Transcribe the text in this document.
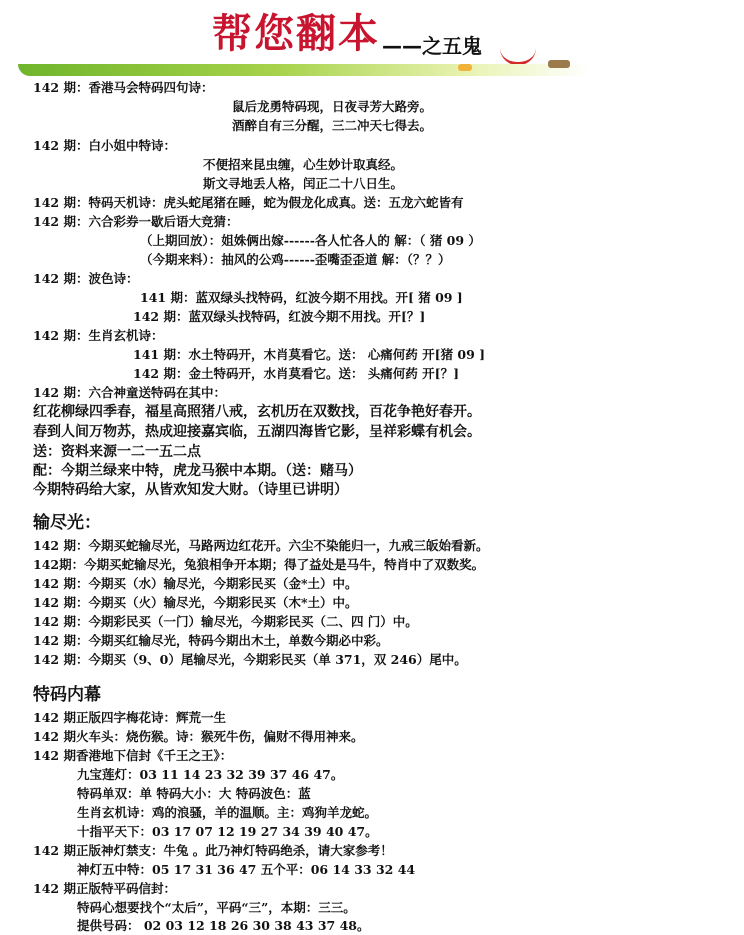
帮您翻本 ——之五鬼
142 期：香港马会特码四句诗：
鼠后龙勇特码现，日夜寻芳大路旁。
酒醉自有三分醒，三二冲天七得去。
142 期：白小姐中特诗：
不便招来昆虫缠，心生妙计取真经。
斯文寻地丢人格，闰正二十八日生。
142 期：特码天机诗：虎头蛇尾猪在睡，蛇为假龙化成真。送：五龙六蛇皆有
142 期：六合彩券一歇后语大竞猜：
（上期回放）：姐姝俩出嫁------各人忙各人的 解：（ 猪 09 ）
（今期来料）：抽风的公鸡------歪嘴歪歪道 解：（？？）
142 期：波色诗：
141 期：蓝双绿头找特码，红波今期不用找。开[ 猪 09 ]
142 期：蓝双绿头找特码，红波今期不用找。开[？]
142 期：生肖玄机诗：
141 期：水土特码开，木肖莫看它。送： 心痛何药 开[猪 09 ]
142 期：金土特码开，水肖莫看它。送： 头痛何药 开[？]
142 期：六合神童送特码在其中：
红花柳绿四季春，福星高照猪八戒，玄机历在双数找，百花争艳好春开。
春到人间万物苏，热成迎接嘉宾临，五湖四海皆它影，呈祥彩蝶有机会。
送：资料来源一二一五二点
配：今期兰绿来中特，虎龙马猴中本期。（送：赌马）
今期特码给大家，从皆欢知发大财。（诗里已讲明）
输尽光：
142 期：今期买蛇输尽光，马路两边红花开。六尘不染能归一，九戒三皈始看新。
142期：今期买蛇输尽光，兔狼相争开本期；得了益处是马牛，特肖中了双数奖。
142 期：今期买（水）输尽光，今期彩民买（金*土）中。
142 期：今期买（火）输尽光，今期彩民买（木*土）中。
142 期：今期彩民买（一门）输尽光，今期彩民买（二、四 门）中。
142 期：今期买红输尽光，特码今期出木土，单数今期必中彩。
142 期：今期买（9、0）尾输尽光，今期彩民买（单 371，双 246）尾中。
特码内幕
142 期正版四字梅花诗：辉荒一生
142 期火车头：烧伤猴。诗：猴死牛伤，偏财不得用神来。
142 期香港地下信封《千王之王》：
九宝莲灯：03 11 14 23 32 39 37 46 47。
特码单双：单 特码大小：大 特码波色：蓝
生肖玄机诗：鸡的浪骚，羊的温顺。主：鸡狗羊龙蛇。
十指平天下：03 17 07 12 19 27 34 39 40 47。
142 期正版神灯禁支：牛兔 。此乃神灯特码绝杀，请大家参考！
神灯五中特：05 17 31 36 47 五个平：06 14 33 32 44
142 期正版特平码信封：
特码心想要找个“太后”，平码“三”，本期：三三。
提供号码： 02 03 12 18 26 30 38 43 37 48。
